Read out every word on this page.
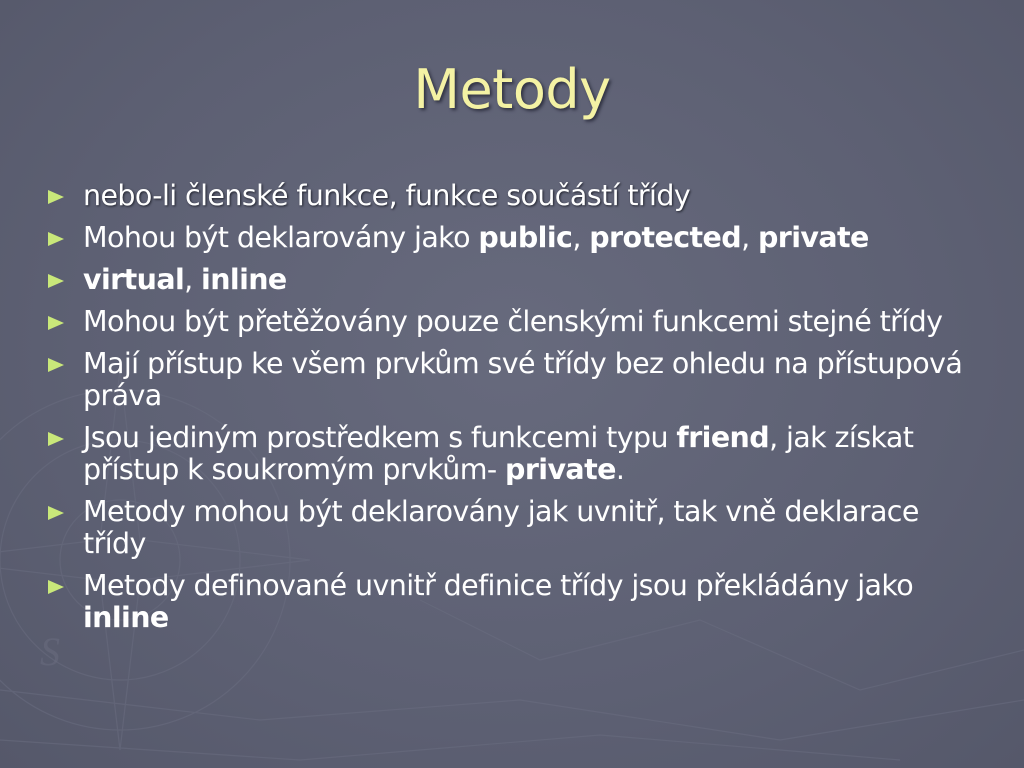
S
Metody
nebo-li členské funkce, funkce součástí třídy
Mohou být deklarovány jako public, protected, private
virtual, inline
Mohou být přetěžovány pouze členskými funkcemi stejné třídy
Mají přístup ke všem prvkům své třídy bez ohledu na přístupová práva
Jsou jediným prostředkem s funkcemi typu friend, jak získat přístup k soukromým prvkům- private.
Metody mohou být deklarovány jak uvnitř, tak vně deklarace třídy
Metody definované uvnitř definice třídy jsou překládány jako inline
